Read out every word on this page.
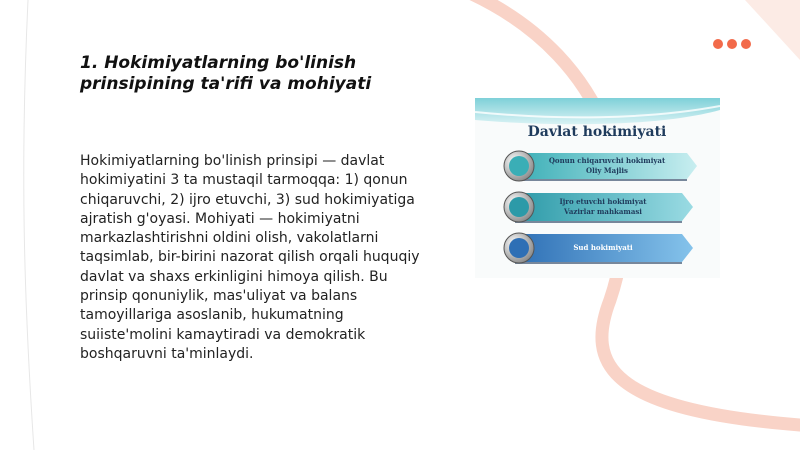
1. Hokimiyatlarning bo'linish prinsipining ta'rifi va mohiyati

Hokimiyatlarning bo'linish prinsipi — davlat hokimiyatini 3 ta mustaqil tarmoqqa: 1) qonun chiqaruvchi, 2) ijro etuvchi, 3) sud hokimiyatiga ajratish g'oyasi. Mohiyati — hokimiyatni markazlashtirishni oldini olish, vakolatlarni taqsimlab, bir-birini nazorat qilish orqali huquqiy davlat va shaxs erkinligini himoya qilish. Bu prinsip qonuniylik, mas'uliyat va balans tamoyillariga asoslanib, hukumatning suiiste'molini kamaytiradi va demokratik boshqaruvni ta'minlaydi.

Davlat hokimiyati
Qonun chiqaruvchi hokimiyat
Oliy Majlis
Ijro etuvchi hokimiyat
Vazirlar mahkamasi
Sud hokimiyati
